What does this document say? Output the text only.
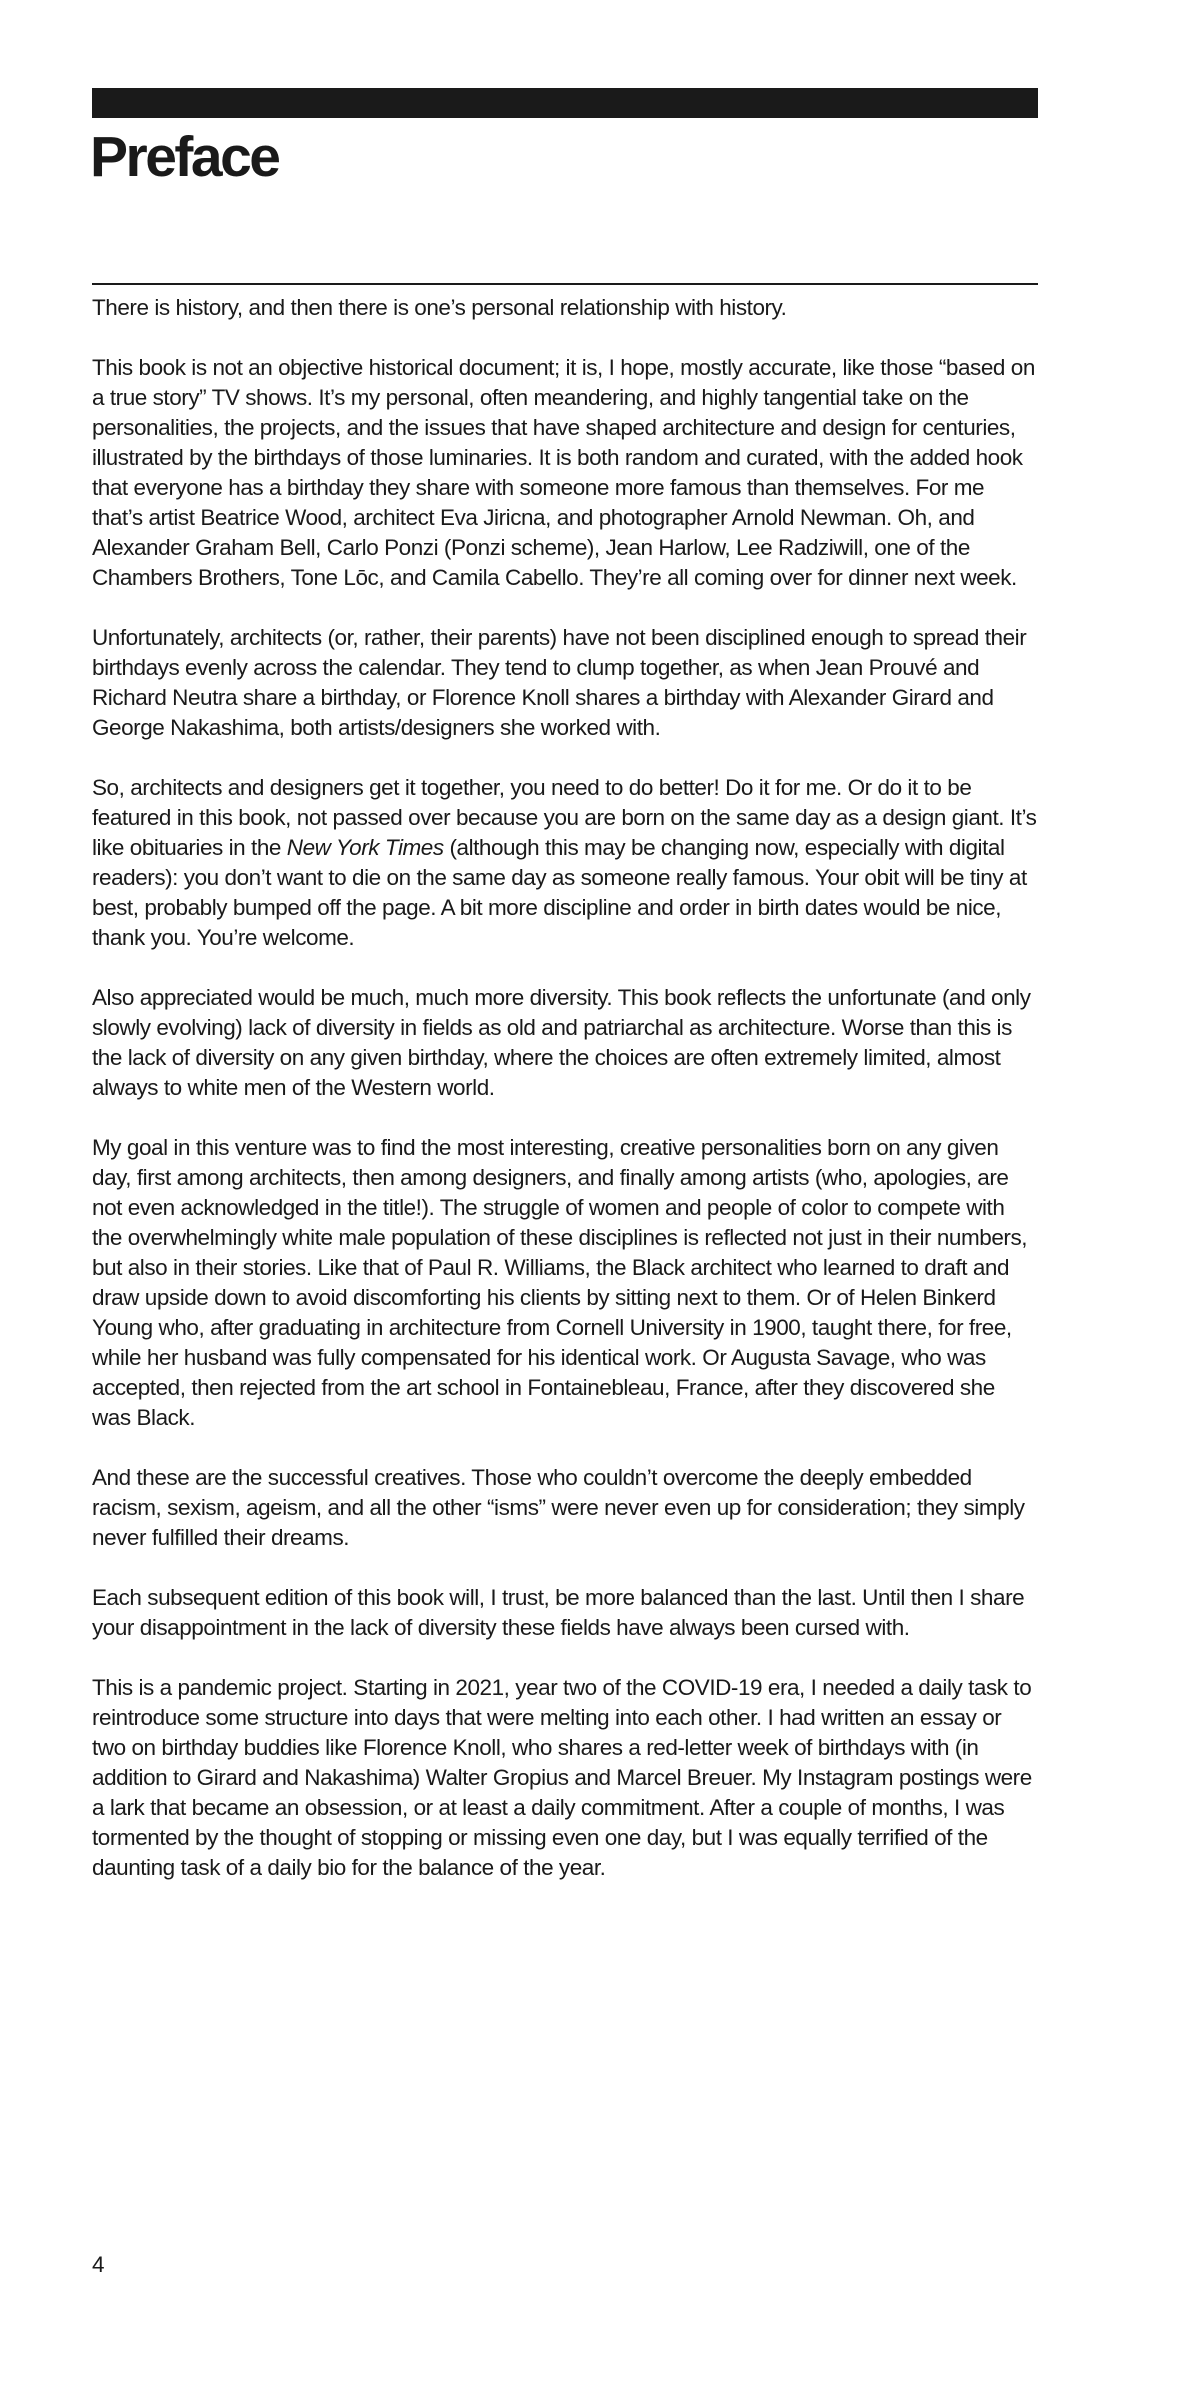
Preface

There is history, and then there is one’s personal relationship with history.

This book is not an objective historical document; it is, I hope, mostly accurate, like those “based on a true story” TV shows. It’s my personal, often meandering, and highly tangential take on the personalities, the projects, and the issues that have shaped architecture and design for centuries, illustrated by the birthdays of those luminaries. It is both random and curated, with the added hook that everyone has a birthday they share with someone more famous than themselves. For me that’s artist Beatrice Wood, architect Eva Jiricna, and photographer Arnold Newman. Oh, and Alexander Graham Bell, Carlo Ponzi (Ponzi scheme), Jean Harlow, Lee Radziwill, one of the Chambers Brothers, Tone Lōc, and Camila Cabello. They’re all coming over for dinner next week.

Unfortunately, architects (or, rather, their parents) have not been disciplined enough to spread their birthdays evenly across the calendar. They tend to clump together, as when Jean Prouvé and Richard Neutra share a birthday, or Florence Knoll shares a birthday with Alexander Girard and George Nakashima, both artists/designers she worked with.

So, architects and designers get it together, you need to do better! Do it for me. Or do it to be featured in this book, not passed over because you are born on the same day as a design giant. It’s like obituaries in the New York Times (although this may be changing now, especially with digital readers): you don’t want to die on the same day as someone really famous. Your obit will be tiny at best, probably bumped off the page. A bit more discipline and order in birth dates would be nice, thank you. You’re welcome.

Also appreciated would be much, much more diversity. This book reflects the unfortunate (and only slowly evolving) lack of diversity in fields as old and patriarchal as architecture. Worse than this is the lack of diversity on any given birthday, where the choices are often extremely limited, almost always to white men of the Western world.

My goal in this venture was to find the most interesting, creative personalities born on any given day, first among architects, then among designers, and finally among artists (who, apologies, are not even acknowledged in the title!). The struggle of women and people of color to compete with the overwhelmingly white male population of these disciplines is reflected not just in their numbers, but also in their stories. Like that of Paul R. Williams, the Black architect who learned to draft and draw upside down to avoid discomforting his clients by sitting next to them. Or of Helen Binkerd Young who, after graduating in architecture from Cornell University in 1900, taught there, for free, while her husband was fully compensated for his identical work. Or Augusta Savage, who was accepted, then rejected from the art school in Fontainebleau, France, after they discovered she was Black.

And these are the successful creatives. Those who couldn’t overcome the deeply embedded racism, sexism, ageism, and all the other “isms” were never even up for consideration; they simply never fulfilled their dreams.

Each subsequent edition of this book will, I trust, be more balanced than the last. Until then I share your disappointment in the lack of diversity these fields have always been cursed with.

This is a pandemic project. Starting in 2021, year two of the COVID-19 era, I needed a daily task to reintroduce some structure into days that were melting into each other. I had written an essay or two on birthday buddies like Florence Knoll, who shares a red-letter week of birthdays with (in addition to Girard and Nakashima) Walter Gropius and Marcel Breuer. My Instagram postings were a lark that became an obsession, or at least a daily commitment. After a couple of months, I was tormented by the thought of stopping or missing even one day, but I was equally terrified of the daunting task of a daily bio for the balance of the year.

4
